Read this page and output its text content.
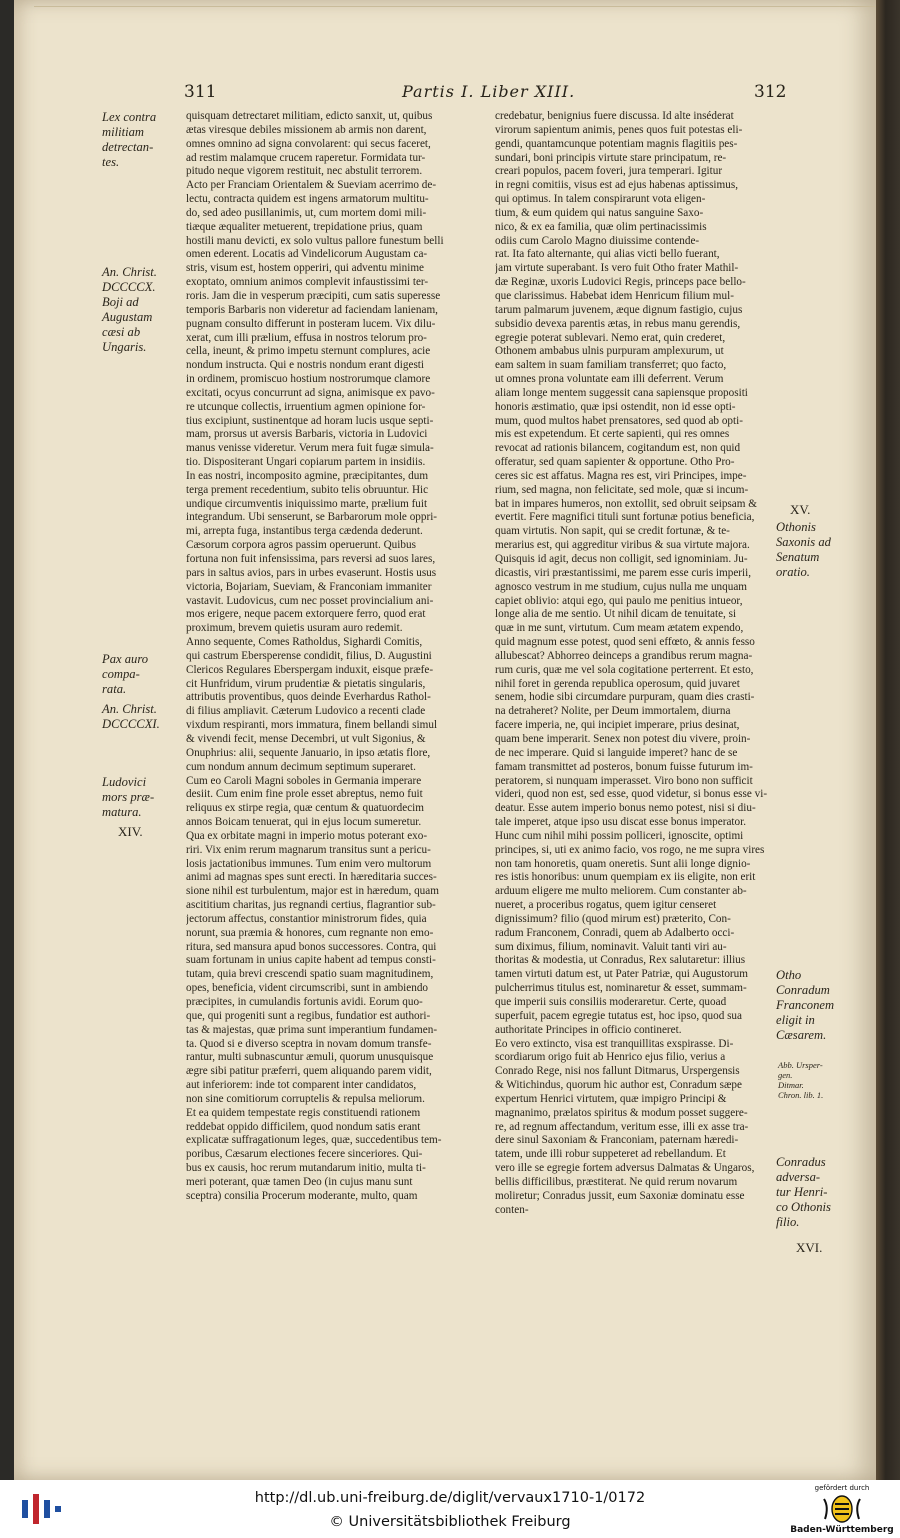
311	Partis I. Liber XIII.	312
Lex contra
militiam
detrectan-
tes.
An. Christ.
DCCCCX.
Boji ad
Augustam
cæsi ab
Ungaris.
Pax auro
compa-
rata.
An. Christ.
DCCCCXI.
Ludovici
mors præ-
matura.
XIV.
XV.
Othonis
Saxonis ad
Senatum
oratio.
Otho
Conradum
Franconem
eligit in
Cæsarem.
Abb. Ursper-
gen.
Ditmar.
Chron. lib. 1.
Conradus
adversa-
tur Henri-
co Othonis
filio.
XVI.
quisquam detrectaret militiam, edicto sanxit, ut, quibus
ætas viresque debiles missionem ab armis non darent,
omnes omnino ad signa convolarent: qui secus faceret,
ad restim malamque crucem raperetur. Formidata tur-
pitudo neque vigorem restituit, nec abstulit terrorem.
Acto per Franciam Orientalem & Sueviam acerrimo de-
lectu, contracta quidem est ingens armatorum multitu-
do, sed adeo pusillanimis, ut, cum mortem domi mili-
tiæque æqualiter metuerent, trepidatione prius, quam
hostili manu devicti, ex solo vultus pallore funestum belli
omen ederent. Locatis ad Vindelicorum Augustam ca-
stris, visum est, hostem opperiri, qui adventu minime
exoptato, omnium animos complevit infaustissimi ter-
roris. Jam die in vesperum præcipiti, cum satis superesse
temporis Barbaris non videretur ad faciendam lanienam,
pugnam consulto differunt in posteram lucem. Vix dilu-
xerat, cum illi prælium, effusa in nostros telorum pro-
cella, ineunt, & primo impetu sternunt complures, acie
nondum instructa. Qui e nostris nondum erant digesti
in ordinem, promiscuo hostium nostrorumque clamore
excitati, ocyus concurrunt ad signa, animisque ex pavo-
re utcunque collectis, irruentium agmen opinione for-
tius excipiunt, sustinentque ad horam lucis usque septi-
mam, prorsus ut aversis Barbaris, victoria in Ludovici
manus venisse videretur. Verum mera fuit fugæ simula-
tio. Dispositerant Ungari copiarum partem in insidiis.
In eas nostri, incomposito agmine, præcipitantes, dum
terga prement recedentium, subito telis obruuntur. Hic
undique circumventis iniquissimo marte, prælium fuit
integrandum. Ubi senserunt, se Barbarorum mole oppri-
mi, arrepta fuga, instantibus terga cædenda dederunt.
Cæsorum corpora agros passim operuerunt. Quibus
fortuna non fuit infensissima, pars reversi ad suos lares,
pars in saltus avios, pars in urbes evaserunt. Hostis usus
victoria, Bojariam, Sueviam, & Franconiam immaniter
vastavit. Ludovicus, cum nec posset provincialium ani-
mos erigere, neque pacem extorquere ferro, quod erat
proximum, brevem quietis usuram auro redemit.
Anno sequente, Comes Ratholdus, Sighardi Comitis,
qui castrum Ebersperense condidit, filius, D. Augustini
Clericos Regulares Eberspergam induxit, eisque præfe-
cit Hunfridum, virum prudentiæ & pietatis singularis,
attributis proventibus, quos deinde Everhardus Rathol-
di filius ampliavit. Cæterum Ludovico a recenti clade
vixdum respiranti, mors immatura, finem bellandi simul
& vivendi fecit, mense Decembri, ut vult Sigonius, &
Onuphrius: alii, sequente Januario, in ipso ætatis flore,
cum nondum annum decimum septimum superaret.
Cum eo Caroli Magni soboles in Germania imperare
desiit. Cum enim fine prole esset abreptus, nemo fuit
reliquus ex stirpe regia, quæ centum & quatuordecim
annos Boicam tenuerat, qui in ejus locum sumeretur.
Qua ex orbitate magni in imperio motus poterant exo-
riri. Vix enim rerum magnarum transitus sunt a pericu-
losis jactationibus immunes. Tum enim vero multorum
animi ad magnas spes sunt erecti. In hæreditaria succes-
sione nihil est turbulentum, major est in hæredum, quam
ascititium charitas, jus regnandi certius, flagrantior sub-
jectorum affectus, constantior ministrorum fides, quia
norunt, sua præmia & honores, cum regnante non emo-
ritura, sed mansura apud bonos successores. Contra, qui
suam fortunam in unius capite habent ad tempus consti-
tutam, quia brevi crescendi spatio suam magnitudinem,
opes, beneficia, vident circumscribi, sunt in ambiendo
præcipites, in cumulandis fortunis avidi. Eorum quo-
que, qui progeniti sunt a regibus, fundatior est authori-
tas & majestas, quæ prima sunt imperantium fundamen-
ta. Quod si e diverso sceptra in novam domum transfe-
rantur, multi subnascuntur æmuli, quorum unusquisque
ægre sibi patitur præferri, quem aliquando parem vidit,
aut inferiorem: inde tot comparent inter candidatos,
non sine comitiorum corruptelis & repulsa meliorum.
Et ea quidem tempestate regis constituendi rationem
reddebat oppido difficilem, quod nondum satis erant
explicatæ suffragationum leges, quæ, succedentibus tem-
poribus, Cæsarum electiones fecere sinceriores. Qui-
bus ex causis, hoc rerum mutandarum initio, multa ti-
meri poterant, quæ tamen Deo (in cujus manu sunt
sceptra) consilia Procerum moderante, multo, quam
credebatur, benignius fuere discussa. Id alte inséderat
virorum sapientum animis, penes quos fuit potestas eli-
gendi, quantamcunque potentiam magnis flagitiis pes-
sundari, boni principis virtute stare principatum, re-
creari populos, pacem foveri, jura temperari. Igitur
in regni comitiis, visus est ad ejus habenas aptissimus,
qui optimus. In talem conspirarunt vota eligen-
tium, & eum quidem qui natus sanguine Saxo-
nico, & ex ea familia, quæ olim pertinacissimis
odiis cum Carolo Magno diuissime contende-
rat. Ita fato alternante, qui alias victi bello fuerant,
jam virtute superabant. Is vero fuit Otho frater Mathil-
dæ Reginæ, uxoris Ludovici Regis, princeps pace bello-
que clarissimus. Habebat idem Henricum filium mul-
tarum palmarum juvenem, æque dignum fastigio, cujus
subsidio devexa parentis ætas, in rebus manu gerendis,
egregie poterat sublevari. Nemo erat, quin crederet,
Othonem ambabus ulnis purpuram amplexurum, ut
eam saltem in suam familiam transferret; quo facto,
ut omnes prona voluntate eam illi deferrent. Verum
aliam longe mentem suggessit cana sapiensque propositi
honoris æstimatio, quæ ipsi ostendit, non id esse opti-
mum, quod multos habet prensatores, sed quod ab opti-
mis est expetendum. Et certe sapienti, qui res omnes
revocat ad rationis bilancem, cogitandum est, non quid
offeratur, sed quam sapienter & opportune. Otho Pro-
ceres sic est affatus. Magna res est, viri Principes, impe-
rium, sed magna, non felicitate, sed mole, quæ si incum-
bat in impares humeros, non extollit, sed obruit seipsam &
evertit. Fere magnifici tituli sunt fortunæ potius beneficia,
quam virtutis. Non sapit, qui se credit fortunæ, & te-
merarius est, qui aggreditur viribus & sua virtute majora.
Quisquis id agit, decus non colligit, sed ignominiam. Ju-
dicastis, viri præstantissimi, me parem esse curis imperii,
agnosco vestrum in me studium, cujus nulla me unquam
capiet oblivio: atqui ego, qui paulo me penitius intueor,
longe alia de me sentio. Ut nihil dicam de tenuitate, si
quæ in me sunt, virtutum. Cum meam ætatem expendo,
quid magnum esse potest, quod seni effœto, & annis fesso
allubescat? Abhorreo deinceps a grandibus rerum magna-
rum curis, quæ me vel sola cogitatione perterrent. Et esto,
nihil foret in gerenda republica operosum, quid juvaret
senem, hodie sibi circumdare purpuram, quam dies crasti-
na detraheret? Nolite, per Deum immortalem, diurna
facere imperia, ne, qui incipiet imperare, prius desinat,
quam bene imperarit. Senex non potest diu vivere, proin-
de nec imperare. Quid si languide imperet? hanc de se
famam transmittet ad posteros, bonum fuisse futurum im-
peratorem, si nunquam imperasset. Viro bono non sufficit
videri, quod non est, sed esse, quod videtur, si bonus esse vi-
deatur. Esse autem imperio bonus nemo potest, nisi si diu-
tale imperet, atque ipso usu discat esse bonus imperator.
Hunc cum nihil mihi possim polliceri, ignoscite, optimi
principes, si, uti ex animo facio, vos rogo, ne me supra vires
non tam honoretis, quam oneretis. Sunt alii longe dignio-
res istis honoribus: unum quempiam ex iis eligite, non erit
arduum eligere me multo meliorem. Cum constanter ab-
nueret, a proceribus rogatus, quem igitur censeret
dignissimum? filio (quod mirum est) præterito, Con-
radum Franconem, Conradi, quem ab Adalberto occi-
sum diximus, filium, nominavit. Valuit tanti viri au-
thoritas & modestia, ut Conradus, Rex salutaretur: illius
tamen virtuti datum est, ut Pater Patriæ, qui Augustorum
pulcherrimus titulus est, nominaretur & esset, summam-
que imperii suis consiliis moderaretur. Certe, quoad
superfuit, pacem egregie tutatus est, hoc ipso, quod sua
authoritate Principes in officio contineret.
Eo vero extincto, visa est tranquillitas exspirasse. Di-
scordiarum origo fuit ab Henrico ejus filio, verius a
Conrado Rege, nisi nos fallunt Ditmarus, Urspergensis
& Witichindus, quorum hic author est, Conradum sæpe
expertum Henrici virtutem, quæ impigro Principi &
magnanimo, prælatos spiritus & modum posset suggere-
re, ad regnum affectandum, veritum esse, illi ex asse tra-
dere sinul Saxoniam & Franconiam, paternam hæredi-
tatem, unde illi robur suppeteret ad rebellandum. Et
vero ille se egregie fortem adversus Dalmatas & Ungaros,
bellis difficilibus, præstiterat. Ne quid rerum novarum
moliretur; Conradus jussit, eum Saxoniæ dominatu esse
conten-
http://dl.ub.uni-freiburg.de/diglit/vervaux1710-1/0172
© Universitätsbibliothek Freiburg
gefördert durch
Baden-Württemberg
